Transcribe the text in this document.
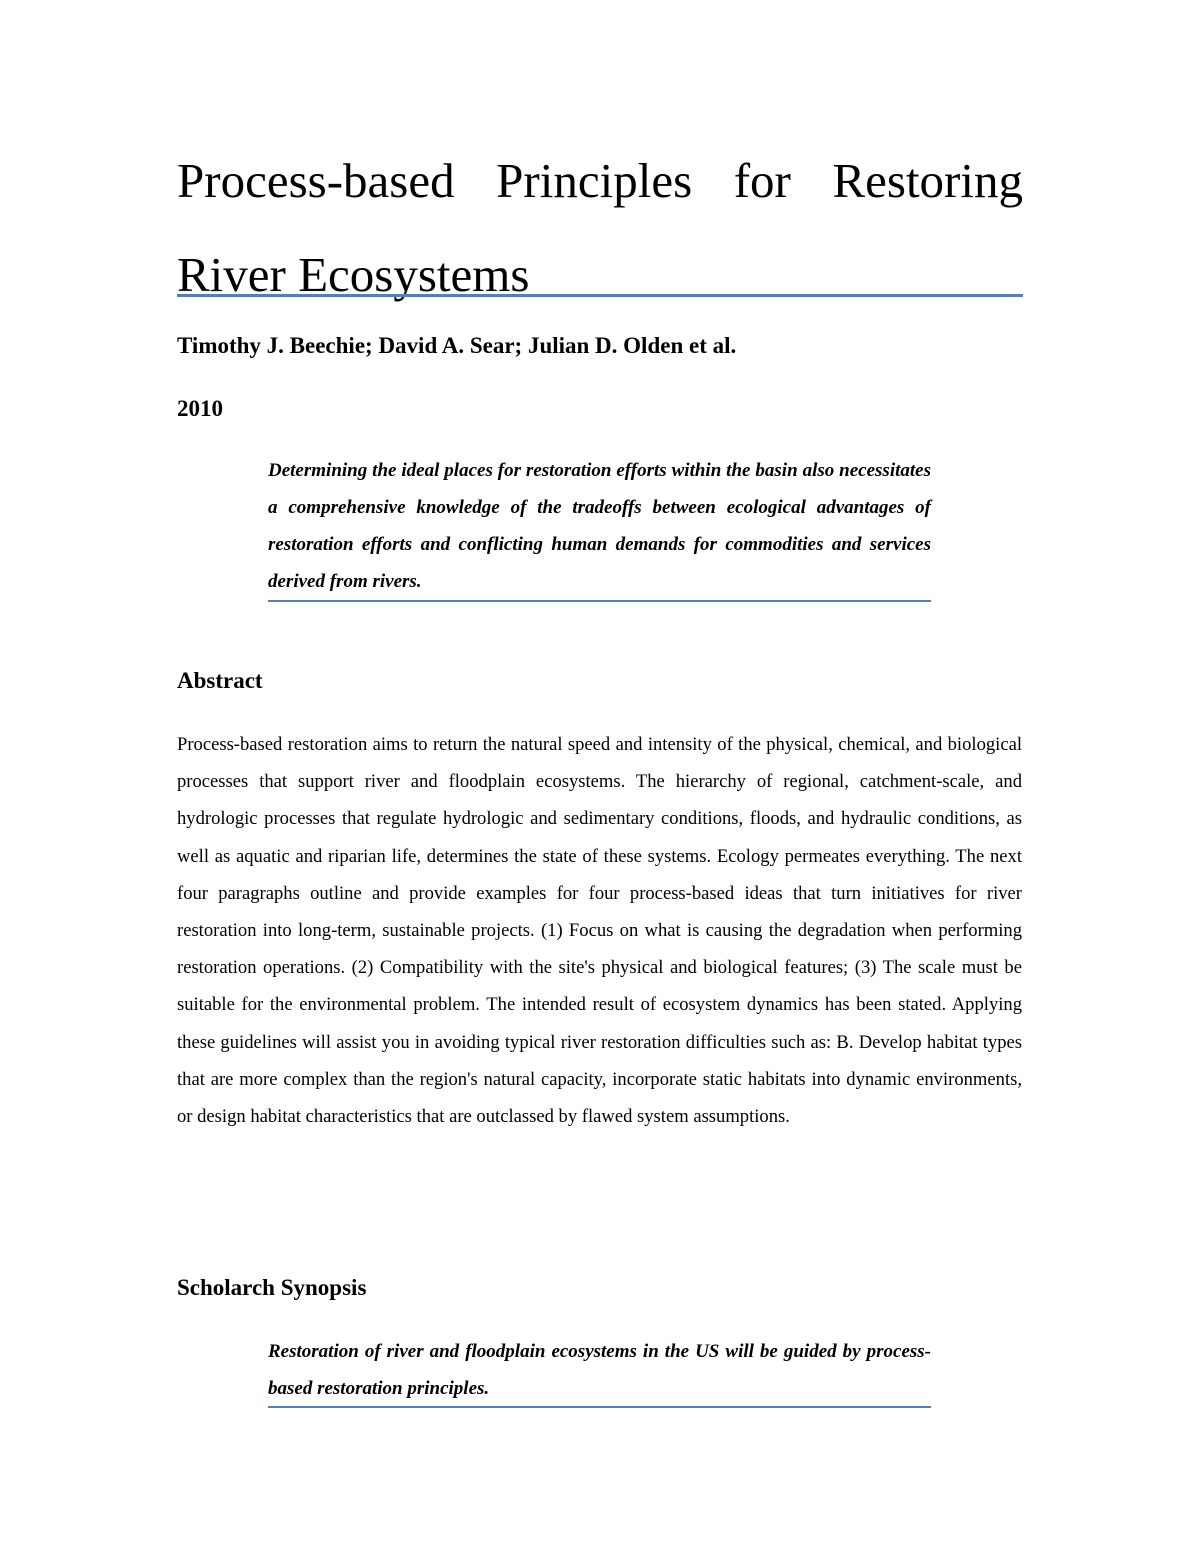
Process-based Principles for Restoring River Ecosystems
Timothy J. Beechie; David A. Sear; Julian D. Olden et al.
2010

Determining the ideal places for restoration efforts within the basin also necessitates a comprehensive knowledge of the tradeoffs between ecological advantages of restoration efforts and conflicting human demands for commodities and services derived from rivers.

Abstract

Process-based restoration aims to return the natural speed and intensity of the physical, chemical, and biological processes that support river and floodplain ecosystems. The hierarchy of regional, catchment-scale, and hydrologic processes that regulate hydrologic and sedimentary conditions, floods, and hydraulic conditions, as well as aquatic and riparian life, determines the state of these systems. Ecology permeates everything. The next four paragraphs outline and provide examples for four process-based ideas that turn initiatives for river restoration into long-term, sustainable projects. (1) Focus on what is causing the degradation when performing restoration operations. (2) Compatibility with the site's physical and biological features; (3) The scale must be suitable for the environmental problem. The intended result of ecosystem dynamics has been stated. Applying these guidelines will assist you in avoiding typical river restoration difficulties such as: B. Develop habitat types that are more complex than the region's natural capacity, incorporate static habitats into dynamic environments, or design habitat characteristics that are outclassed by flawed system assumptions.

Scholarch Synopsis

Restoration of river and floodplain ecosystems in the US will be guided by process-based restoration principles.
